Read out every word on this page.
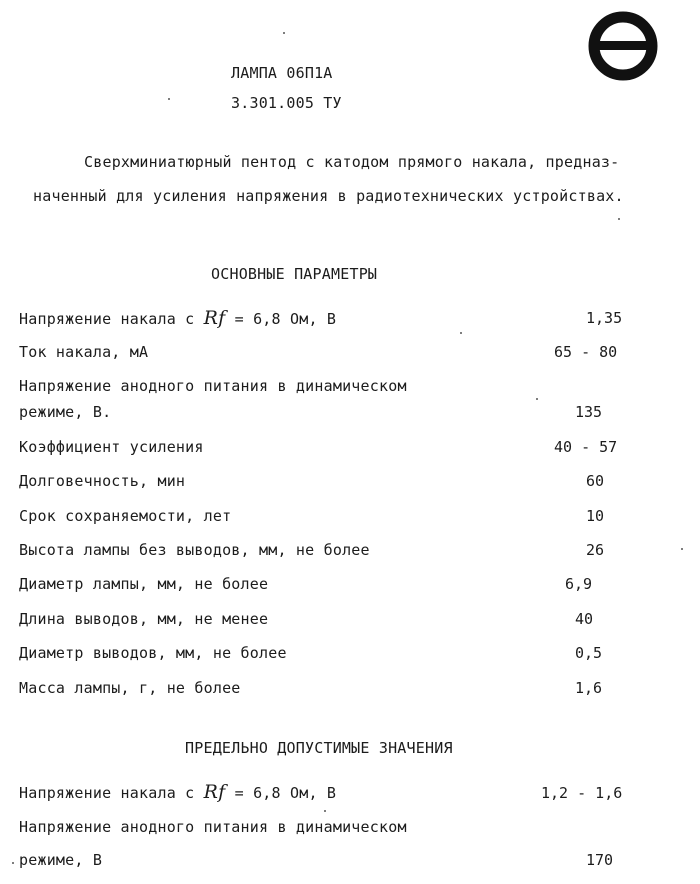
ЛАМПА 06П1А
3.301.005 ТУ
Сверхминиатюрный пентод с катодом прямого накала, предназ-
наченный для усиления напряжения в радиотехнических устройствах.
ОСНОВНЫЕ ПАРАМЕТРЫ
Напряжение накала с Rf = 6,8 Ом, В	1,35
Ток накала, мА	65 - 80
Напряжение анодного питания в динамическом
режиме, В.	135
Коэффициент усиления	40 - 57
Долговечность, мин	60
Срок сохраняемости, лет	10
Высота лампы без выводов, мм, не более	26
Диаметр лампы, мм, не более	6,9
Длина выводов, мм, не менее	40
Диаметр выводов, мм, не более	0,5
Масса лампы, г, не более	1,6
ПРЕДЕЛЬНО ДОПУСТИМЫЕ ЗНАЧЕНИЯ
Напряжение накала с Rf = 6,8 Ом, В	1,2 - 1,6
Напряжение анодного питания в динамическом
режиме, В	170
